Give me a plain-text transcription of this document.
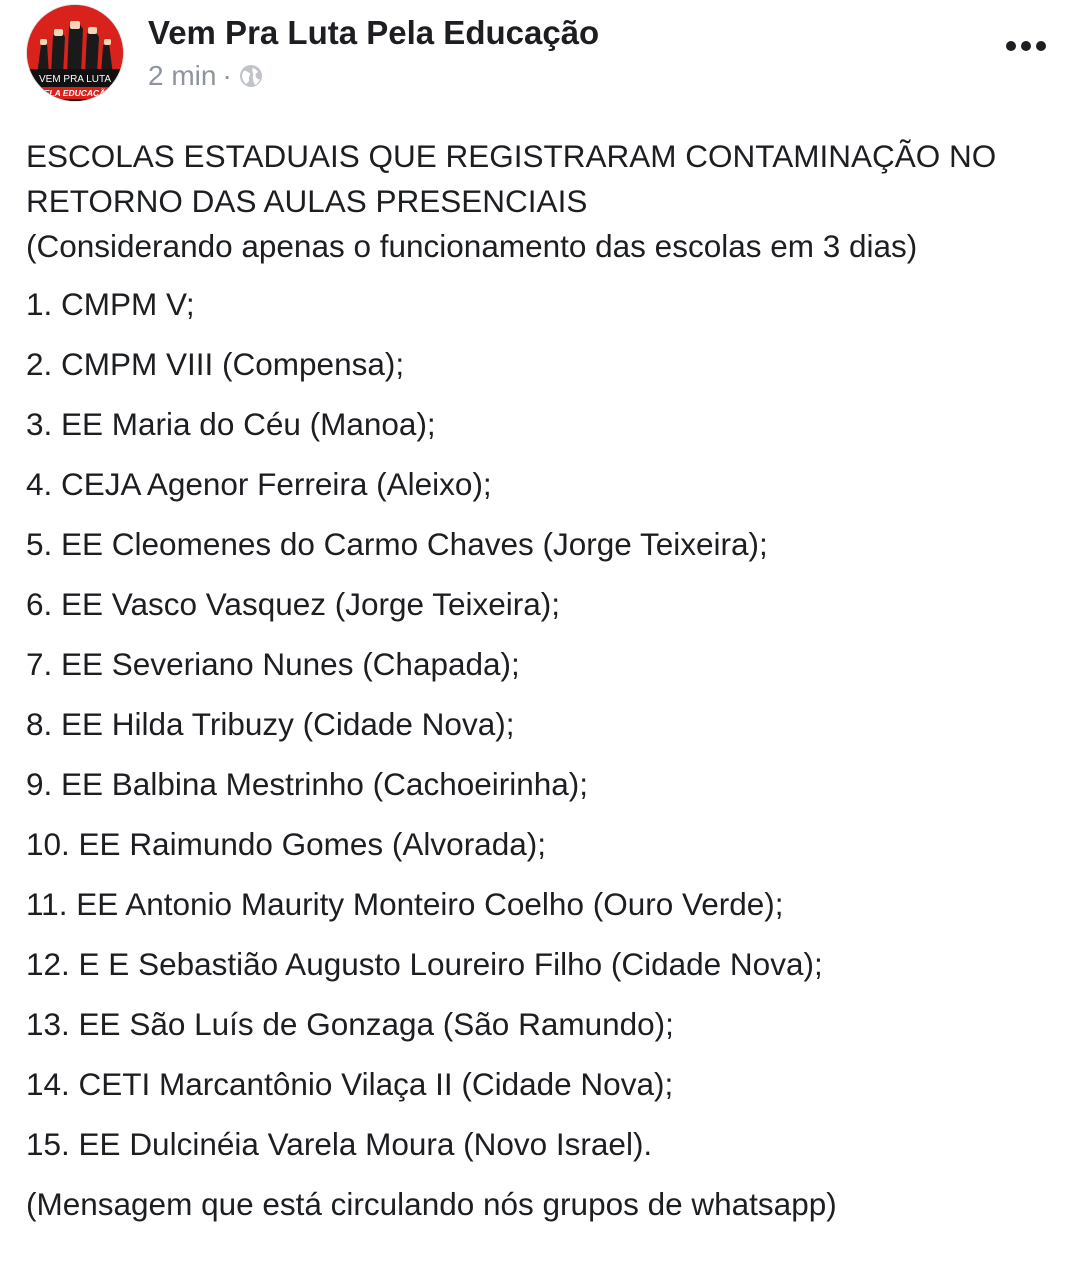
VEM PRA LUTA
PELA EDUCAÇÃO
Vem Pra Luta Pela Educação
2 min ·
ESCOLAS ESTADUAIS QUE REGISTRARAM CONTAMINAÇÃO NO
RETORNO DAS AULAS PRESENCIAIS
(Considerando apenas o funcionamento das escolas em 3 dias)
1. CMPM V;
2. CMPM VIII (Compensa);
3. EE Maria do Céu (Manoa);
4. CEJA Agenor Ferreira (Aleixo);
5. EE Cleomenes do Carmo Chaves (Jorge Teixeira);
6. EE Vasco Vasquez (Jorge Teixeira);
7. EE Severiano Nunes (Chapada);
8. EE Hilda Tribuzy (Cidade Nova);
9. EE Balbina Mestrinho (Cachoeirinha);
10. EE Raimundo Gomes (Alvorada);
11. EE Antonio Maurity Monteiro Coelho (Ouro Verde);
12. E E Sebastião Augusto Loureiro Filho (Cidade Nova);
13. EE São Luís de Gonzaga (São Ramundo);
14. CETI Marcantônio Vilaça II (Cidade Nova);
15. EE Dulcinéia Varela Moura (Novo Israel).
(Mensagem que está circulando nós grupos de whatsapp)
